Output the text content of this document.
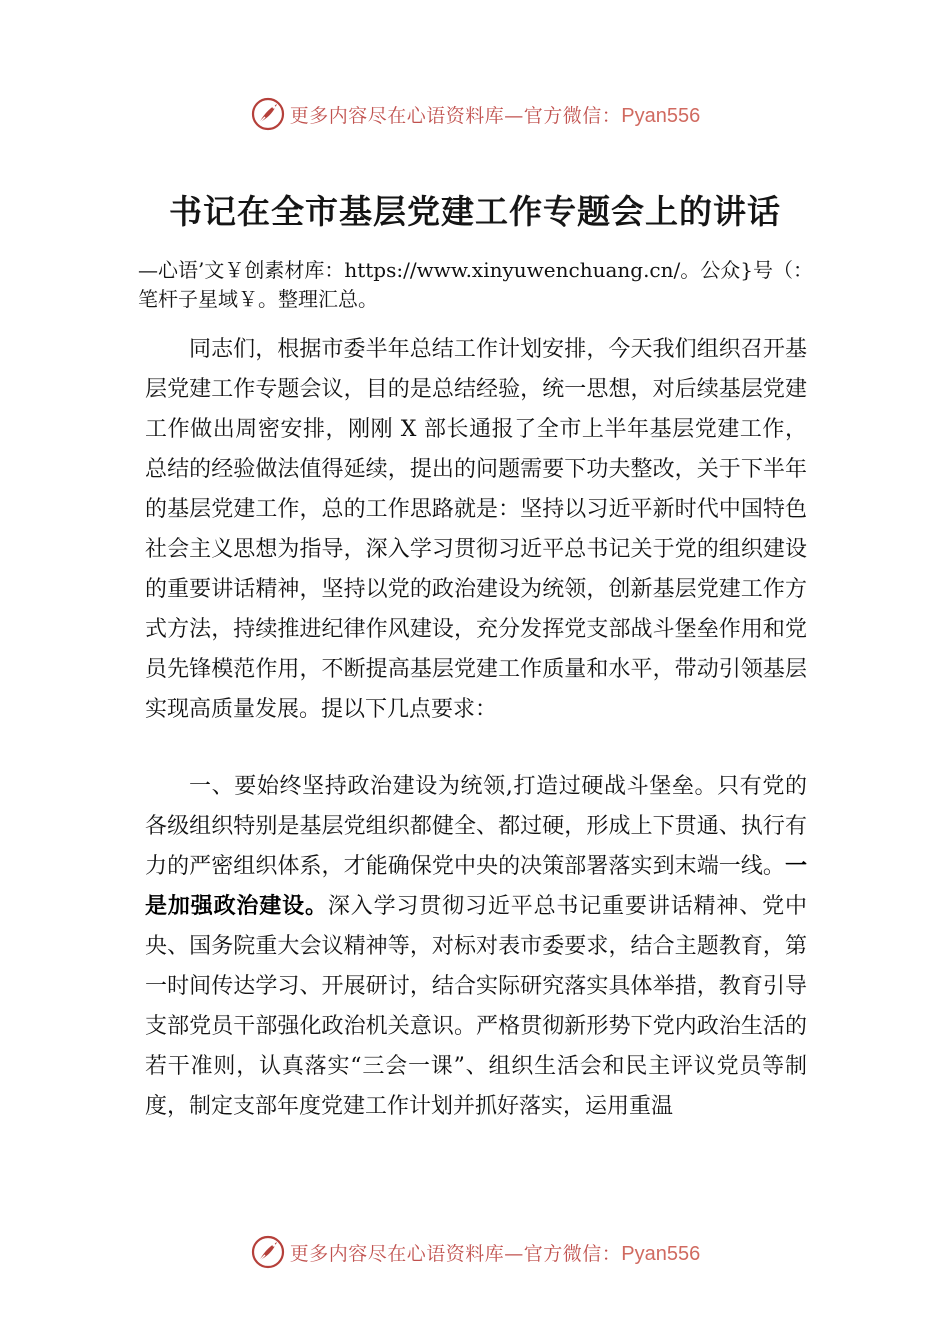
更多内容尽在心语资料库—官方微信：Pyan556
书记在全市基层党建工作专题会上的讲话

—心语’文￥创素材库：https://www.xinyuwenchuang.cn/。公众}号（：笔杆子星域￥。整理汇总。

同志们，根据市委半年总结工作计划安排，今天我们组织召开基层党建工作专题会议，目的是总结经验，统一思想，对后续基层党建工作做出周密安排，刚刚 X 部长通报了全市上半年基层党建工作，总结的经验做法值得延续，提出的问题需要下功夫整改，关于下半年的基层党建工作，总的工作思路就是：坚持以习近平新时代中国特色社会主义思想为指导，深入学习贯彻习近平总书记关于党的组织建设的重要讲话精神，坚持以党的政治建设为统领，创新基层党建工作方式方法，持续推进纪律作风建设，充分发挥党支部战斗堡垒作用和党员先锋模范作用，不断提高基层党建工作质量和水平，带动引领基层实现高质量发展。提以下几点要求：

一、要始终坚持政治建设为统领,打造过硬战斗堡垒。只有党的各级组织特别是基层党组织都健全、都过硬，形成上下贯通、执行有力的严密组织体系，才能确保党中央的决策部署落实到末端一线。一是加强政治建设。深入学习贯彻习近平总书记重要讲话精神、党中央、国务院重大会议精神等，对标对表市委要求，结合主题教育，第一时间传达学习、开展研讨，结合实际研究落实具体举措，教育引导支部党员干部强化政治机关意识。严格贯彻新形势下党内政治生活的若干准则，认真落实“三会一课”、组织生活会和民主评议党员等制度，制定支部年度党建工作计划并抓好落实，运用重温

更多内容尽在心语资料库—官方微信：Pyan556
